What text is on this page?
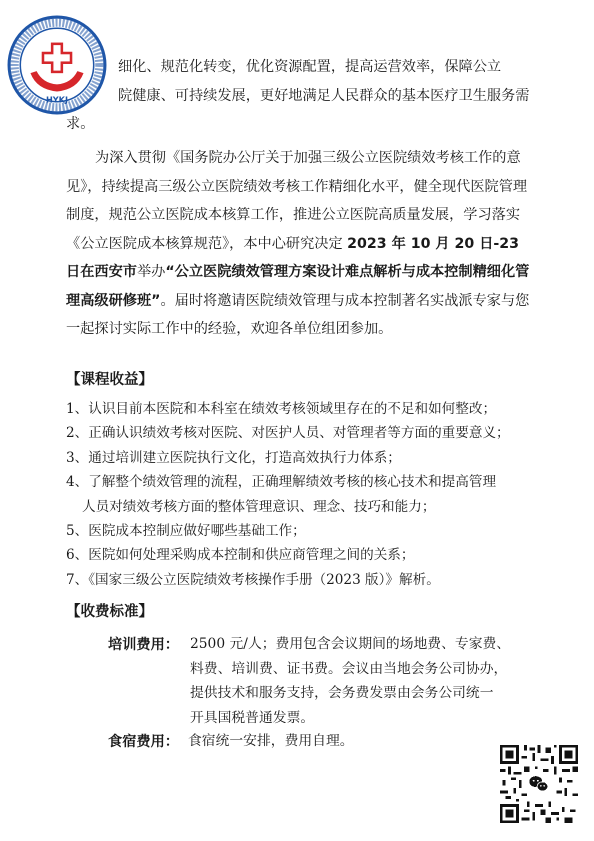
HYKJ

细化、规范化转变，优化资源配置，提高运营效率，保障公立

院健康、可持续发展，更好地满足人民群众的基本医疗卫生服务需

求。

为深入贯彻《国务院办公厅关于加强三级公立医院绩效考核工作的意见》，持续提高三级公立医院绩效考核工作精细化水平，健全现代医院管理制度，规范公立医院成本核算工作，推进公立医院高质量发展，学习落实《公立医院成本核算规范》，本中心研究决定 2023 年 10 月 20 日-23 日在西安市举办“公立医院绩效管理方案设计难点解析与成本控制精细化管理高级研修班”。届时将邀请医院绩效管理与成本控制著名实战派专家与您一起探讨实际工作中的经验，欢迎各单位组团参加。

【课程收益】
1、认识目前本医院和本科室在绩效考核领域里存在的不足和如何整改；
2、正确认识绩效考核对医院、对医护人员、对管理者等方面的重要意义；
3、通过培训建立医院执行文化，打造高效执行力体系；
4、了解整个绩效管理的流程，正确理解绩效考核的核心技术和提高管理
人员对绩效考核方面的整体管理意识、理念、技巧和能力；
5、医院成本控制应做好哪些基础工作；
6、医院如何处理采购成本控制和供应商管理之间的关系；
7、《国家三级公立医院绩效考核操作手册（2023 版）》解析。
【收费标准】
培训费用： 2500 元/人；费用包含会议期间的场地费、专家费、
料费、培训费、证书费。会议由当地会务公司协办，
提供技术和服务支持，会务费发票由会务公司统一
开具国税普通发票。
食宿费用： 食宿统一安排，费用自理。
